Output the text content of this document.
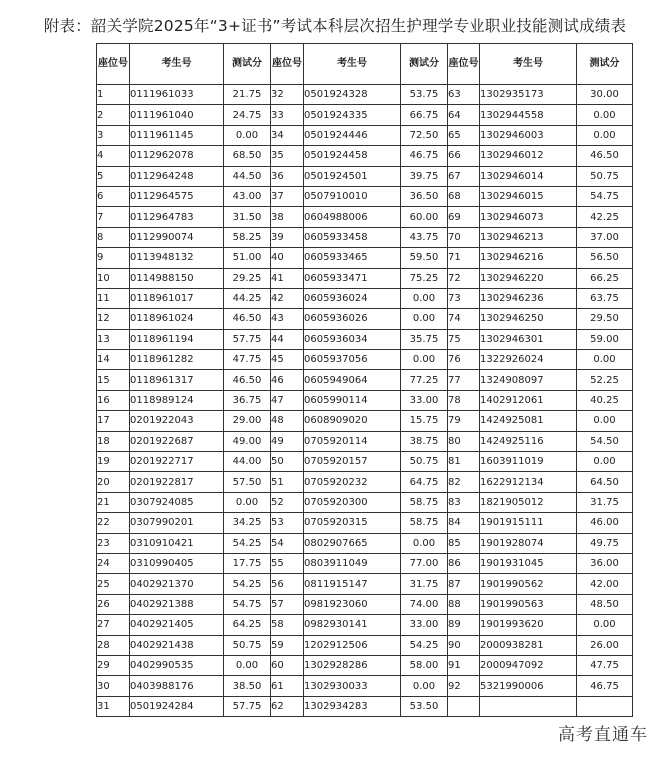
附表：韶关学院2025年“3+证书”考试本科层次招生护理学专业职业技能测试成绩表
座位号	考生号	测试分	座位号	考生号	测试分	座位号	考生号	测试分
1	0111961033	21.75	32	0501924328	53.75	63	1302935173	30.00
2	0111961040	24.75	33	0501924335	66.75	64	1302944558	0.00
3	0111961145	0.00	34	0501924446	72.50	65	1302946003	0.00
4	0112962078	68.50	35	0501924458	46.75	66	1302946012	46.50
5	0112964248	44.50	36	0501924501	39.75	67	1302946014	50.75
6	0112964575	43.00	37	0507910010	36.50	68	1302946015	54.75
7	0112964783	31.50	38	0604988006	60.00	69	1302946073	42.25
8	0112990074	58.25	39	0605933458	43.75	70	1302946213	37.00
9	0113948132	51.00	40	0605933465	59.50	71	1302946216	56.50
10	0114988150	29.25	41	0605933471	75.25	72	1302946220	66.25
11	0118961017	44.25	42	0605936024	0.00	73	1302946236	63.75
12	0118961024	46.50	43	0605936026	0.00	74	1302946250	29.50
13	0118961194	57.75	44	0605936034	35.75	75	1302946301	59.00
14	0118961282	47.75	45	0605937056	0.00	76	1322926024	0.00
15	0118961317	46.50	46	0605949064	77.25	77	1324908097	52.25
16	0118989124	36.75	47	0605990114	33.00	78	1402912061	40.25
17	0201922043	29.00	48	0608909020	15.75	79	1424925081	0.00
18	0201922687	49.00	49	0705920114	38.75	80	1424925116	54.50
19	0201922717	44.00	50	0705920157	50.75	81	1603911019	0.00
20	0201922817	57.50	51	0705920232	64.75	82	1622912134	64.50
21	0307924085	0.00	52	0705920300	58.75	83	1821905012	31.75
22	0307990201	34.25	53	0705920315	58.75	84	1901915111	46.00
23	0310910421	54.25	54	0802907665	0.00	85	1901928074	49.75
24	0310990405	17.75	55	0803911049	77.00	86	1901931045	36.00
25	0402921370	54.25	56	0811915147	31.75	87	1901990562	42.00
26	0402921388	54.75	57	0981923060	74.00	88	1901990563	48.50
27	0402921405	64.25	58	0982930141	33.00	89	1901993620	0.00
28	0402921438	50.75	59	1202912506	54.25	90	2000938281	26.00
29	0402990535	0.00	60	1302928286	58.00	91	2000947092	47.75
30	0403988176	38.50	61	1302930033	0.00	92	5321990006	46.75
31	0501924284	57.75	62	1302934283	53.50			
高考直通车
